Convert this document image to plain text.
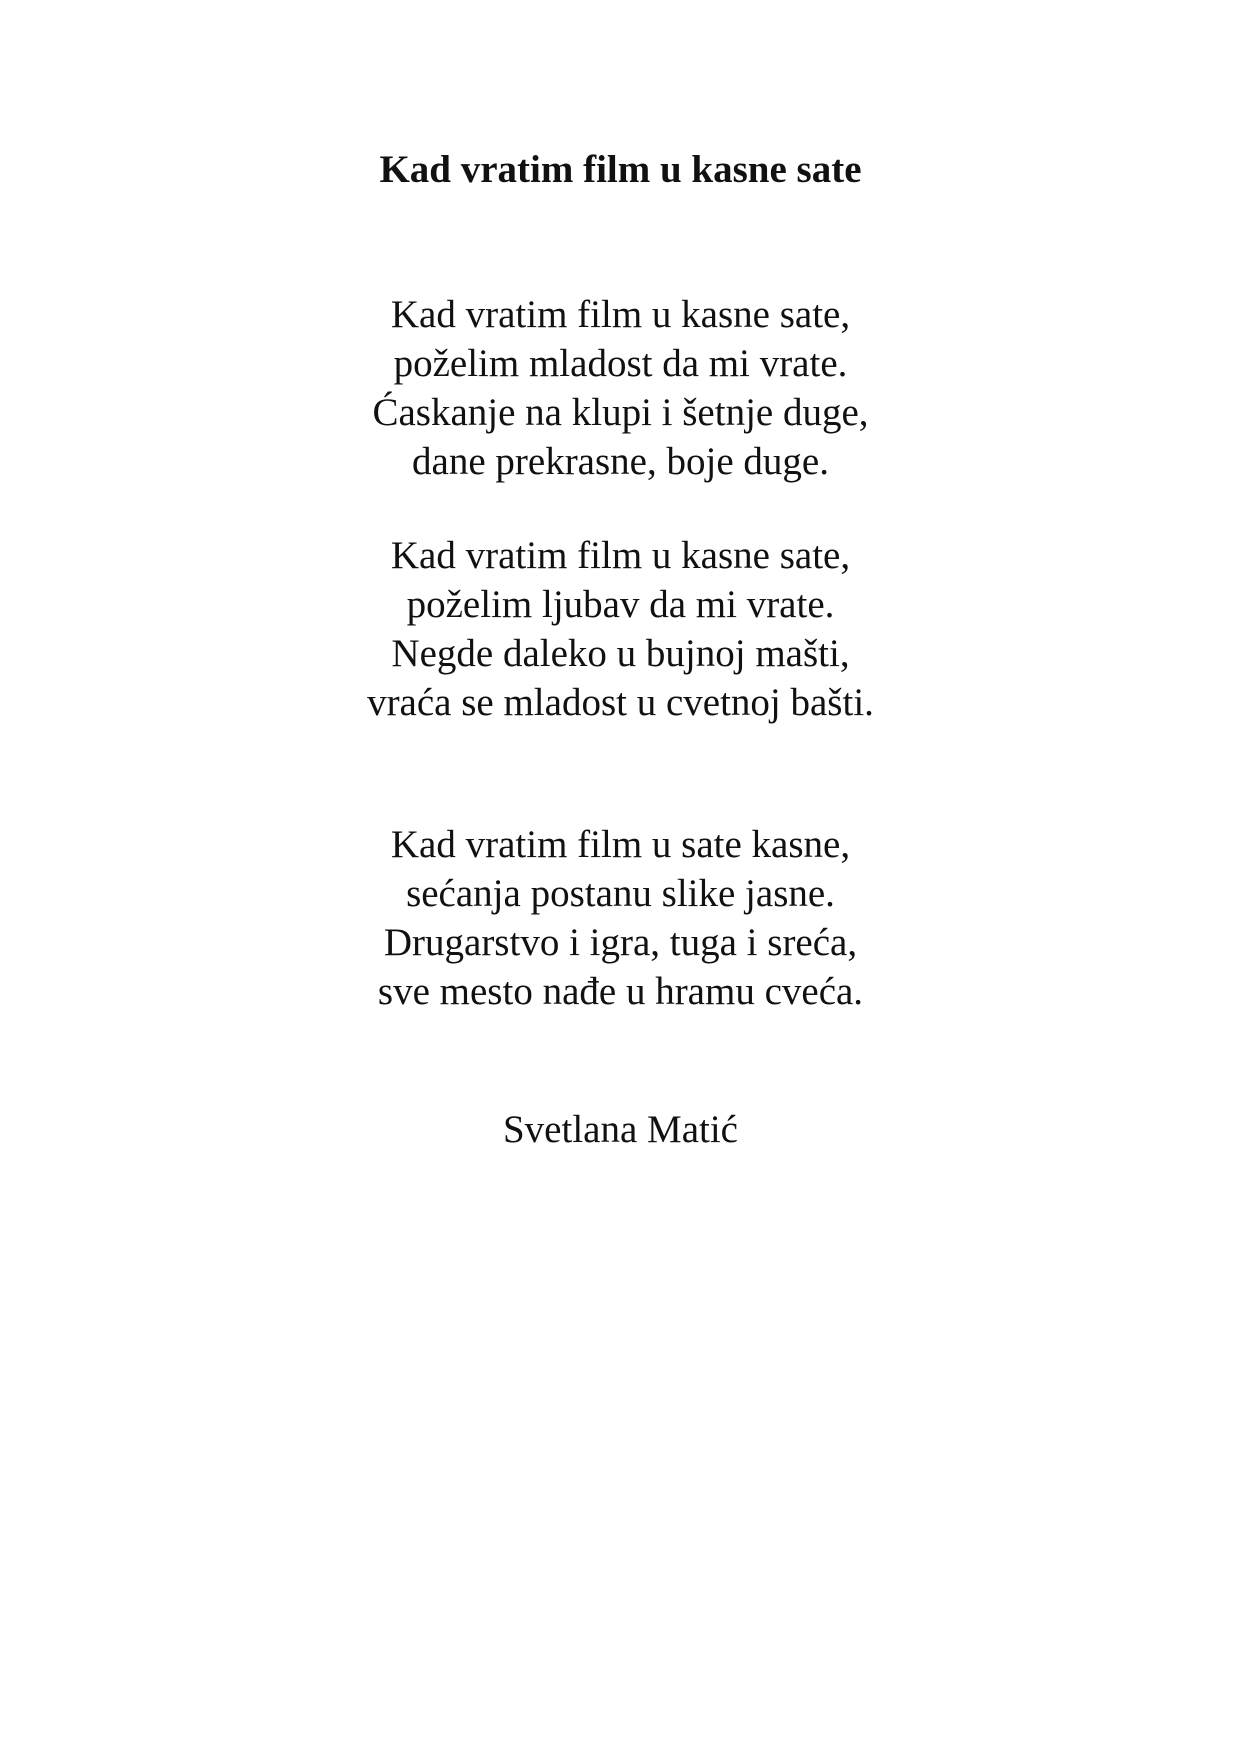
Kad vratim film u kasne sate
Kad vratim film u kasne sate,
poželim mladost da mi vrate.
Ćaskanje na klupi i šetnje duge,
dane prekrasne, boje duge.
Kad vratim film u kasne sate,
poželim ljubav da mi vrate.
Negde daleko u bujnoj mašti,
vraća se mladost u cvetnoj bašti.
Kad vratim film u sate kasne,
sećanja postanu slike jasne.
Drugarstvo i igra, tuga i sreća,
sve mesto nađe u hramu cveća.
Svetlana Matić
